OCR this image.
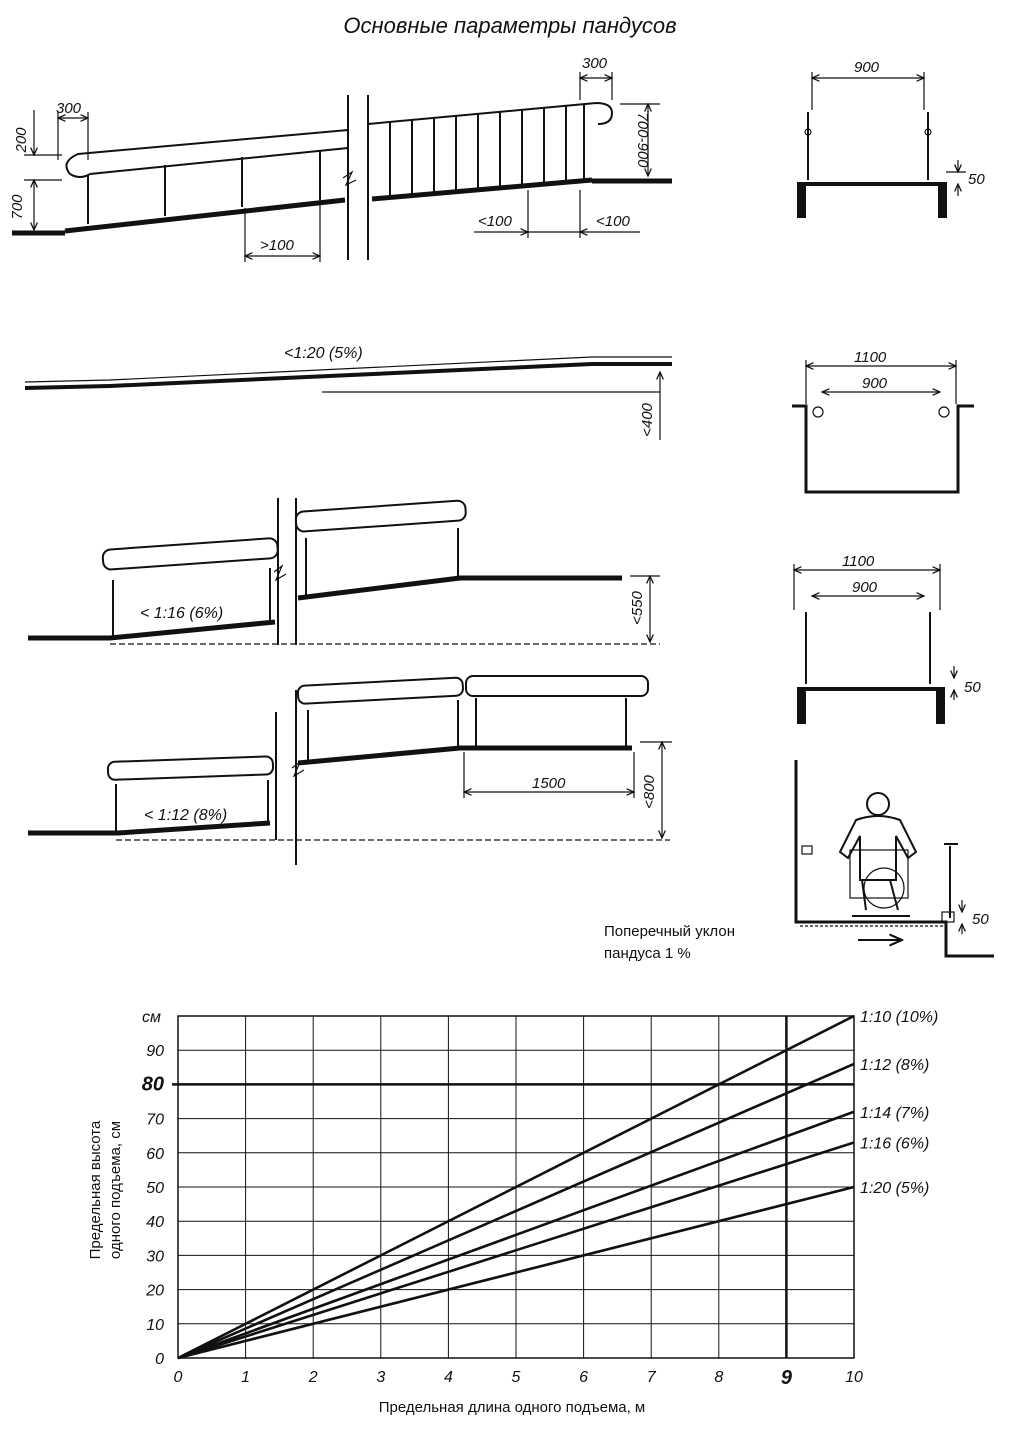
Основные параметры пандусов
300
200
700
300
700-900
>100
<100	<100
<1:20 (5%)
<400
< 1:16 (6%)	<550
< 1:12 (8%)
1500	<800
900
50
1100
900
1100
900
50
50
Поперечный уклон
пандуса 1 %
1:10 (10%)
1:12 (8%)
1:14 (7%)
1:16 (6%)
1:20 (5%)
0	1	2	3	4	5	6	7	8	9	10
0
10
20
30
40
50
60
70
80
90
см
Предельная длина одного подъема, м
Предельная высота одного подъема, см
